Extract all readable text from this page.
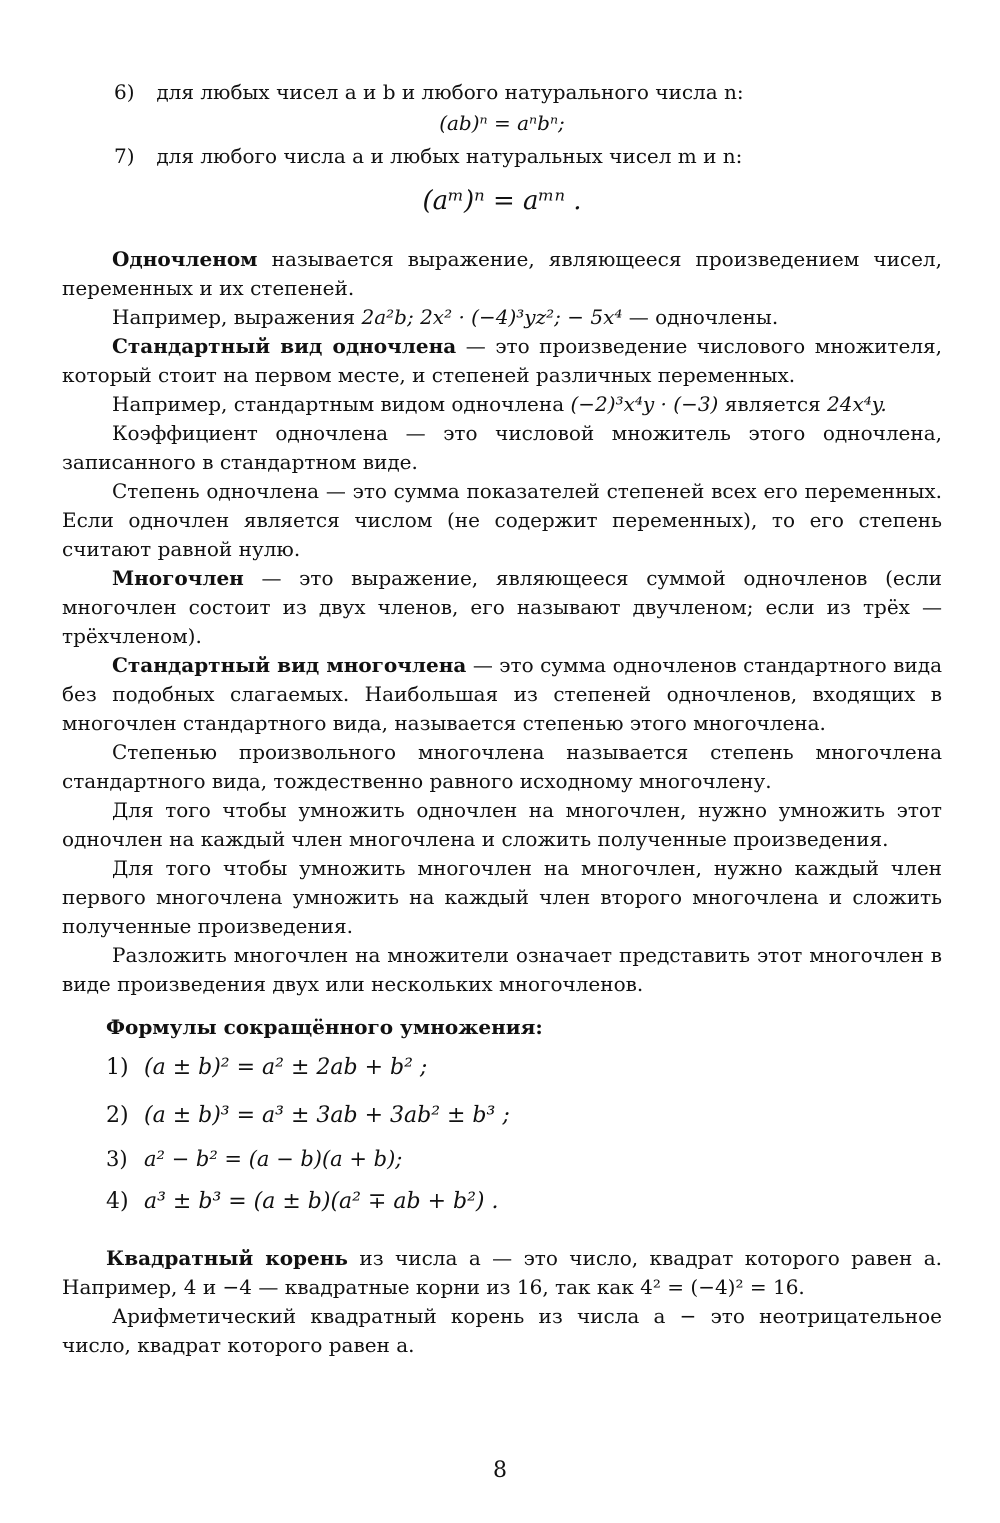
6) для любых чисел a и b и любого натурального числа n:

(ab)ⁿ = aⁿbⁿ;

7) для любого числа a и любых натуральных чисел m и n:

(aᵐ)ⁿ = aᵐⁿ .

Одночленом называется выражение, являющееся произведением чисел, переменных и их степеней.

Например, выражения 2a²b; 2x² · (−4)³yz²; − 5x⁴ — одночлены.

Стандартный вид одночлена — это произведение числового множителя, который стоит на первом месте, и степеней различных переменных.

Например, стандартным видом одночлена (−2)³x⁴y · (−3) является 24x⁴y.

Коэффициент одночлена — это числовой множитель этого одночлена, записанного в стандартном виде.

Степень одночлена — это сумма показателей степеней всех его переменных. Если одночлен является числом (не содержит переменных), то его степень считают равной нулю.

Многочлен — это выражение, являющееся суммой одночленов (если многочлен состоит из двух членов, его называют двучленом; если из трёх — трёхчленом).

Стандартный вид многочлена — это сумма одночленов стандартного вида без подобных слагаемых. Наибольшая из степеней одночленов, входящих в многочлен стандартного вида, называется степенью этого многочлена.

Степенью произвольного многочлена называется степень многочлена стандартного вида, тождественно равного исходному многочлену.

Для того чтобы умножить одночлен на многочлен, нужно умножить этот одночлен на каждый член многочлена и сложить полученные произведения.

Для того чтобы умножить многочлен на многочлен, нужно каждый член первого многочлена умножить на каждый член второго многочлена и сложить полученные произведения.

Разложить многочлен на множители означает представить этот многочлен в виде произведения двух или нескольких многочленов.

Формулы сокращённого умножения:

1) (a ± b)² = a² ± 2ab + b² ;
2) (a ± b)³ = a³ ± 3ab + 3ab² ± b³ ;
3) a² − b² = (a − b)(a + b);
4) a³ ± b³ = (a ± b)(a² ∓ ab + b²) .

Квадратный корень из числа a — это число, квадрат которого равен a. Например, 4 и −4 — квадратные корни из 16, так как 4² = (−4)² = 16.

Арифметический квадратный корень из числа a − это неотрицательное число, квадрат которого равен a.

8
